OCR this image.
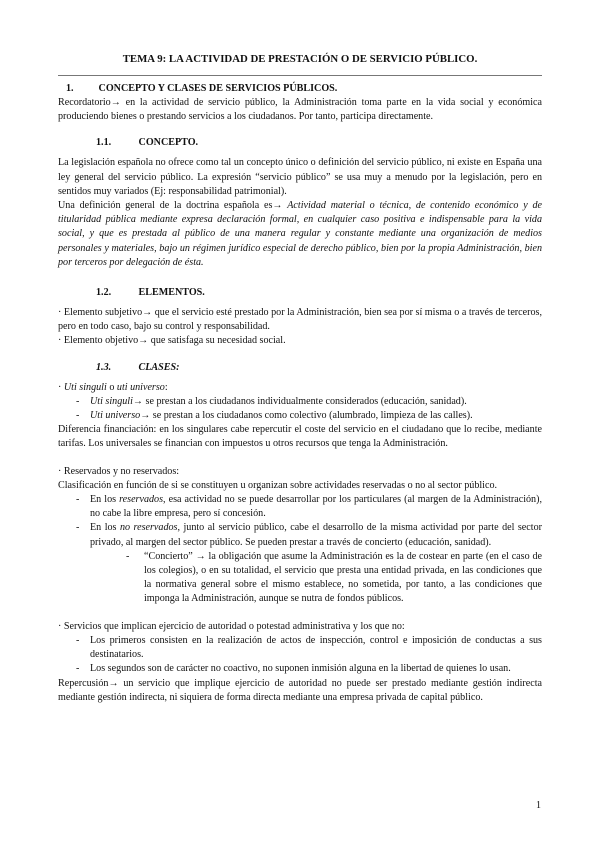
TEMA 9: LA ACTIVIDAD DE PRESTACIÓN O DE SERVICIO PÚBLICO.

1. CONCEPTO Y CLASES DE SERVICIOS PÚBLICOS.

Recordatorio→ en la actividad de servicio público, la Administración toma parte en la vida social y económica produciendo bienes o prestando servicios a los ciudadanos. Por tanto, participa directamente.

1.1.	CONCEPTO.

La legislación española no ofrece como tal un concepto único o definición del servicio público, ni existe en España una ley general del servicio público. La expresión “servicio público” se usa muy a menudo por la legislación, pero en sentidos muy variados (Ej: responsabilidad patrimonial).

Una definición general de la doctrina española es→ Actividad material o técnica, de contenido económico y de titularidad pública mediante expresa declaración formal, en cualquier caso positiva e indispensable para la vida social, y que es prestada al público de una manera regular y constante mediante una organización de medios personales y materiales, bajo un régimen jurídico especial de derecho público, bien por la propia Administración, bien por terceros por delegación de ésta.

1.2.	ELEMENTOS.

· Elemento subjetivo→ que el servicio esté prestado por la Administración, bien sea por sí misma o a través de terceros, pero en todo caso, bajo su control y responsabilidad.

· Elemento objetivo→ que satisfaga su necesidad social.

1.3.	CLASES:

· Uti singuli o uti universo:

- Uti singuli→ se prestan a los ciudadanos individualmente considerados (educación, sanidad).
- Uti universo→ se prestan a los ciudadanos como colectivo (alumbrado, limpieza de las calles).

Diferencia financiación: en los singulares cabe repercutir el coste del servicio en el ciudadano que lo recibe, mediante tarifas. Los universales se financian con impuestos u otros recursos que tenga la Administración.

· Reservados y no reservados:

Clasificación en función de si se constituyen u organizan sobre actividades reservadas o no al sector público.

- En los reservados, esa actividad no se puede desarrollar por los particulares (al margen de la Administración), no cabe la libre empresa, pero sí concesión.
- En los no reservados, junto al servicio público, cabe el desarrollo de la misma actividad por parte del sector privado, al margen del sector público. Se pueden prestar a través de concierto (educación, sanidad).
- “Concierto” → la obligación que asume la Administración es la de costear en parte (en el caso de los colegios), o en su totalidad, el servicio que presta una entidad privada, en las condiciones que la normativa general sobre el mismo establece, no sometida, por tanto, a las condiciones que imponga la Administración, aunque se nutra de fondos públicos.

· Servicios que implican ejercicio de autoridad o potestad administrativa y los que no:

- Los primeros consisten en la realización de actos de inspección, control e imposición de conductas a sus destinatarios.
- Los segundos son de carácter no coactivo, no suponen inmisión alguna en la libertad de quienes lo usan.

Repercusión→ un servicio que implique ejercicio de autoridad no puede ser prestado mediante gestión indirecta mediante gestión indirecta, ni siquiera de forma directa mediante una empresa privada de capital público.

1
